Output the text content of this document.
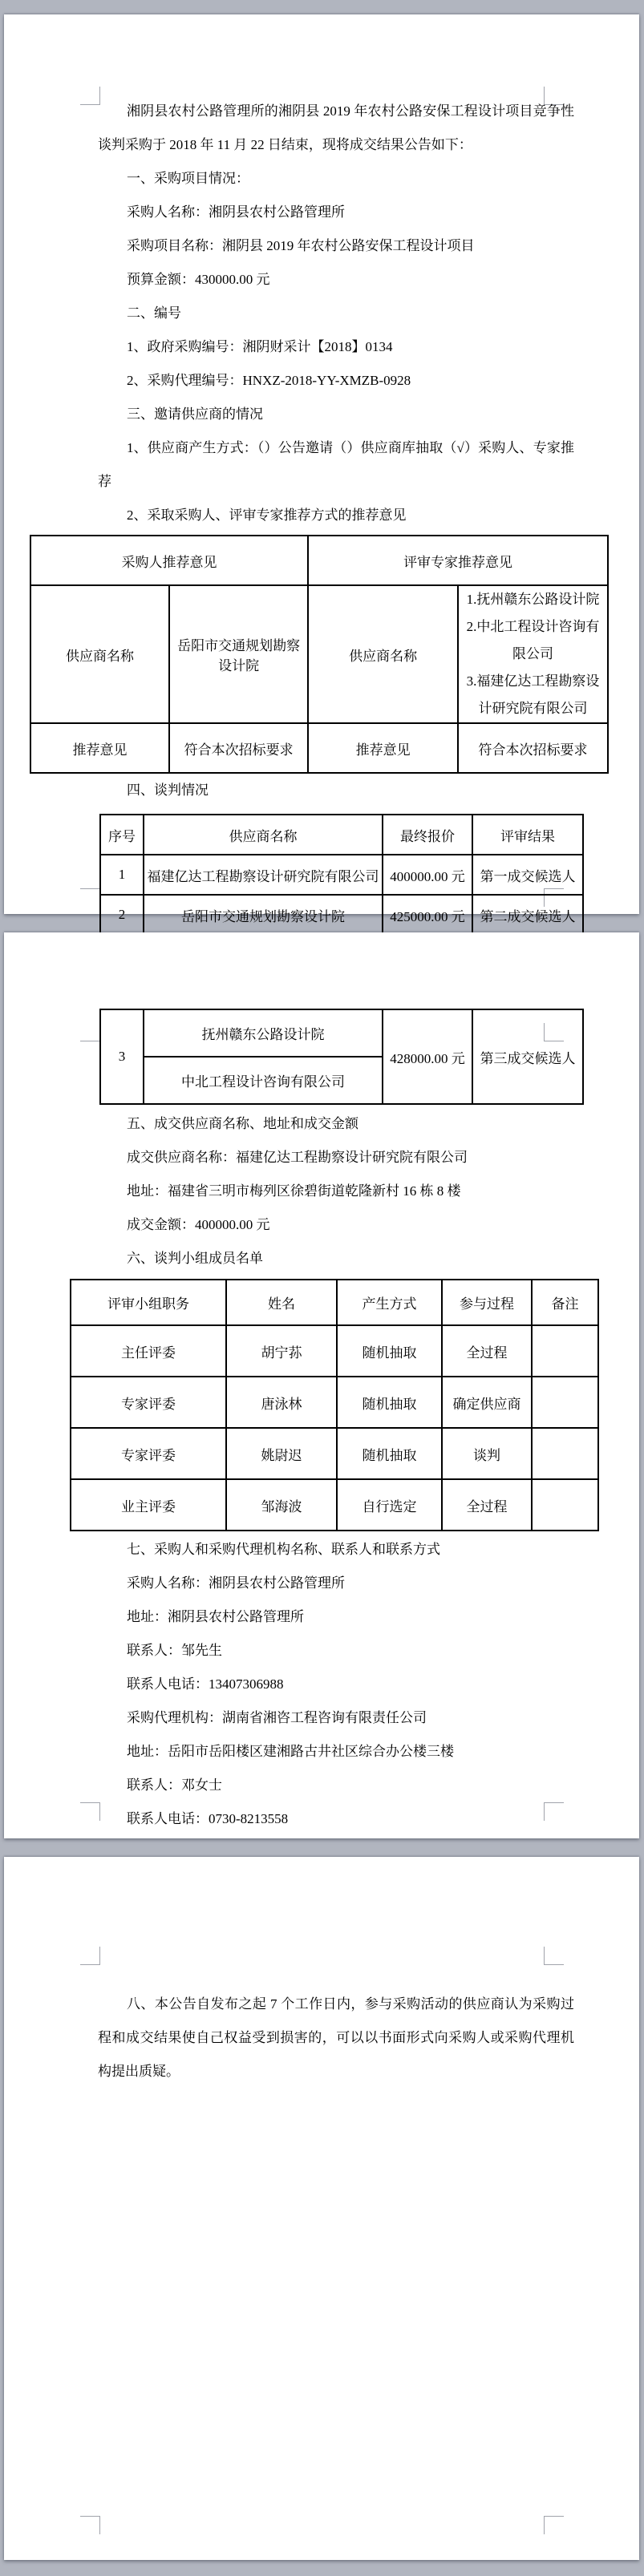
湘阴县农村公路管理所的湘阴县 2019 年农村公路安保工程设计项目竞争性谈判采购于 2018 年 11 月 22 日结束，现将成交结果公告如下：
一、采购项目情况：
采购人名称：湘阴县农村公路管理所
采购项目名称：湘阴县 2019 年农村公路安保工程设计项目
预算金额：430000.00 元
二、编号
1、政府采购编号：湘阴财采计【2018】0134
2、采购代理编号：HNXZ-2018-YY-XMZB-0928
三、邀请供应商的情况
1、供应商产生方式：（）公告邀请（）供应商库抽取（√）采购人、专家推荐
2、采取采购人、评审专家推荐方式的推荐意见
采购人推荐意见		评审专家推荐意见	
供应商名称	岳阳市交通规划勘察设计院	供应商名称	1.抚州赣东公路设计院
2.中北工程设计咨询有限公司
3.福建亿达工程勘察设计研究院有限公司

推荐意见	符合本次招标要求	推荐意见	符合本次招标要求
四、谈判情况
序号	供应商名称	最终报价	评审结果
1	福建亿达工程勘察设计研究院有限公司	400000.00 元	第一成交候选人
2	岳阳市交通规划勘察设计院	425000.00 元	第二成交候选人
3	抚州赣东公路设计院	428000.00 元	第三成交候选人
中北工程设计咨询有限公司
五、成交供应商名称、地址和成交金额
成交供应商名称：福建亿达工程勘察设计研究院有限公司
地址：福建省三明市梅列区徐碧街道乾隆新村 16 栋 8 楼
成交金额：400000.00 元
六、谈判小组成员名单
评审小组职务	姓名	产生方式	参与过程	备注
主任评委	胡宁荪	随机抽取	全过程	
专家评委	唐泳林	随机抽取	确定供应商	
专家评委	姚尉迟	随机抽取	谈判	
业主评委	邹海波	自行选定	全过程	
七、采购人和采购代理机构名称、联系人和联系方式
采购人名称：湘阴县农村公路管理所
地址：湘阴县农村公路管理所
联系人：邹先生
联系人电话：13407306988
采购代理机构：湖南省湘咨工程咨询有限责任公司
地址：岳阳市岳阳楼区建湘路古井社区综合办公楼三楼
联系人：邓女士
联系人电话：0730-8213558
八、本公告自发布之起 7 个工作日内，参与采购活动的供应商认为采购过程和成交结果使自己权益受到损害的，可以以书面形式向采购人或采购代理机构提出质疑。
